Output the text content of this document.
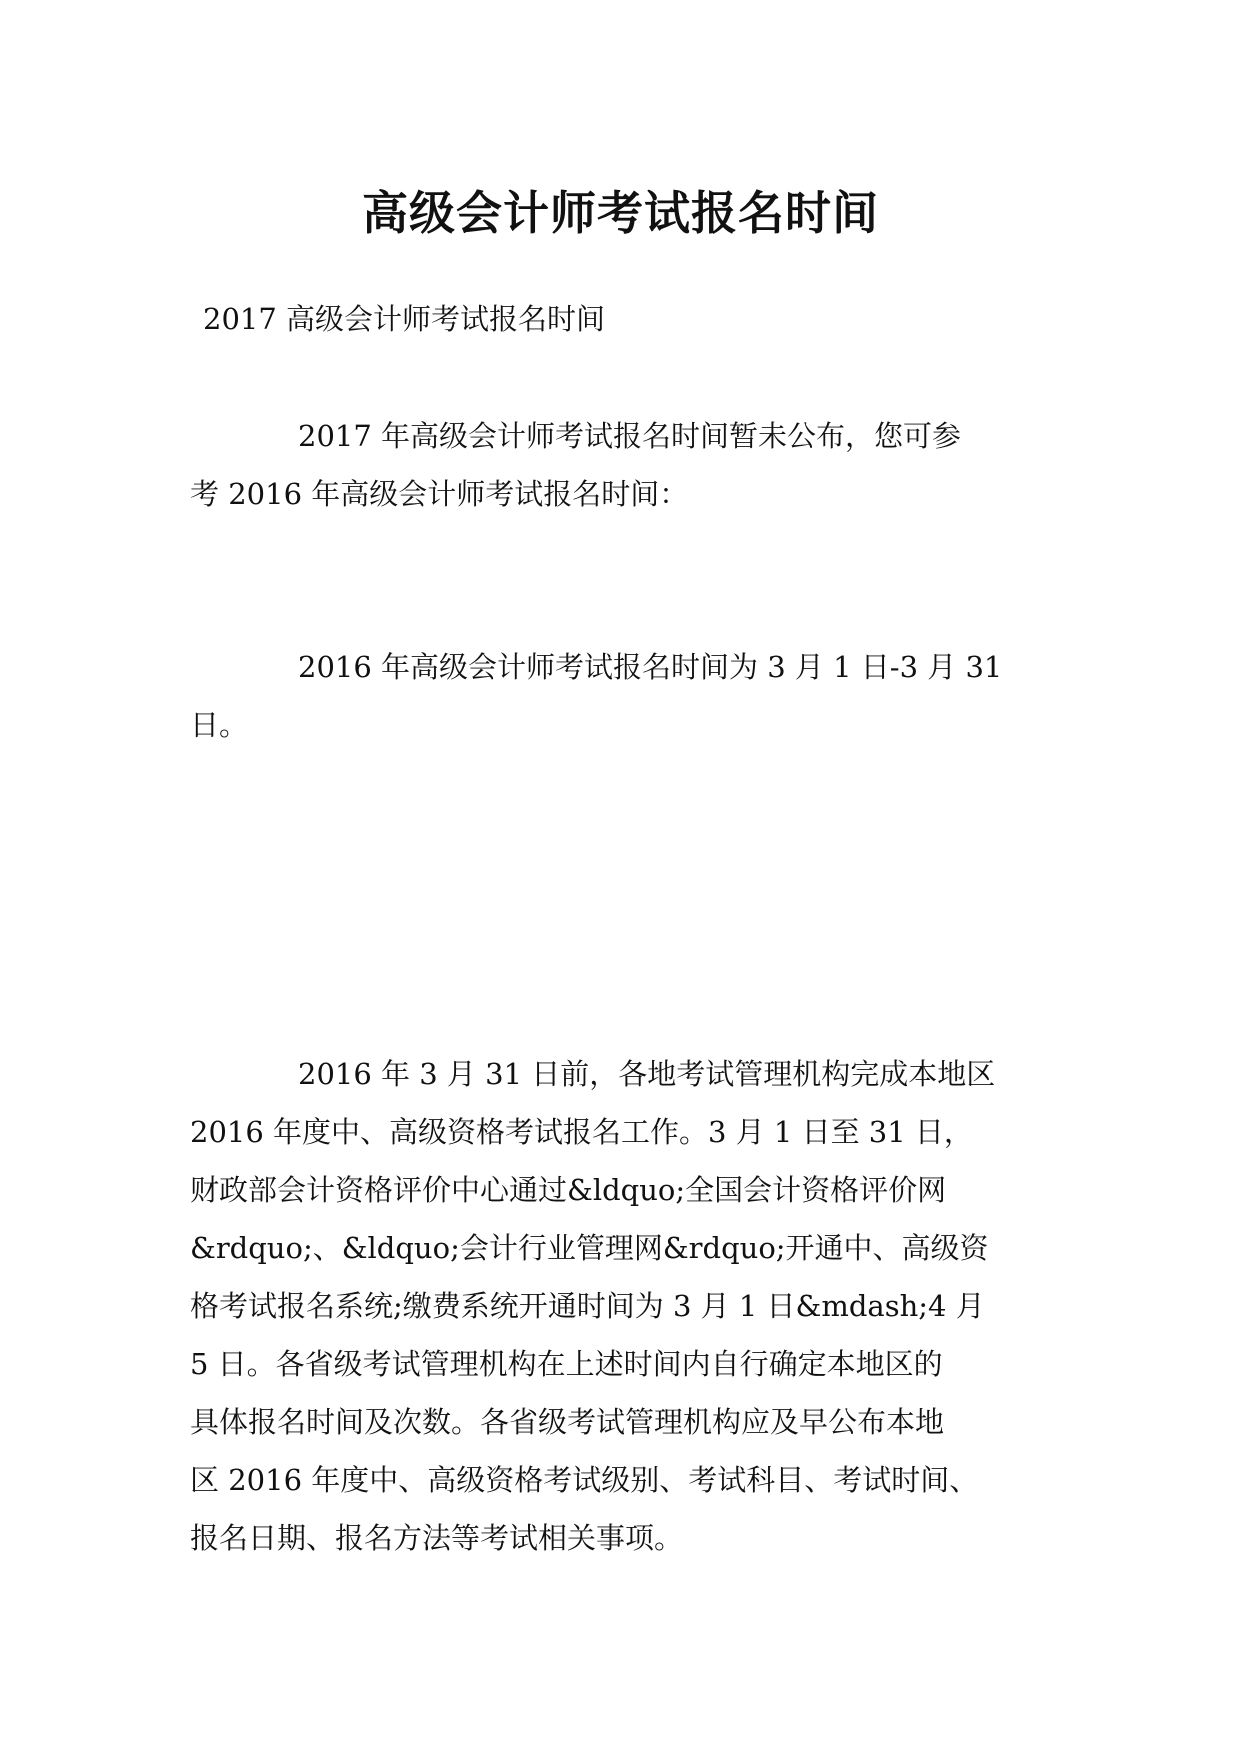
高级会计师考试报名时间

2017 高级会计师考试报名时间

2017 年高级会计师考试报名时间暂未公布，您可参
考 2016 年高级会计师考试报名时间：

2016 年高级会计师考试报名时间为 3 月 1 日-3 月 31
日。

2016 年 3 月 31 日前，各地考试管理机构完成本地区
2016 年度中、高级资格考试报名工作。3 月 1 日至 31 日，
财政部会计资格评价中心通过&ldquo;全国会计资格评价网
&rdquo;、&ldquo;会计行业管理网&rdquo;开通中、高级资
格考试报名系统;缴费系统开通时间为 3 月 1 日&mdash;4 月
5 日。各省级考试管理机构在上述时间内自行确定本地区的
具体报名时间及次数。各省级考试管理机构应及早公布本地
区 2016 年度中、高级资格考试级别、考试科目、考试时间、
报名日期、报名方法等考试相关事项。
